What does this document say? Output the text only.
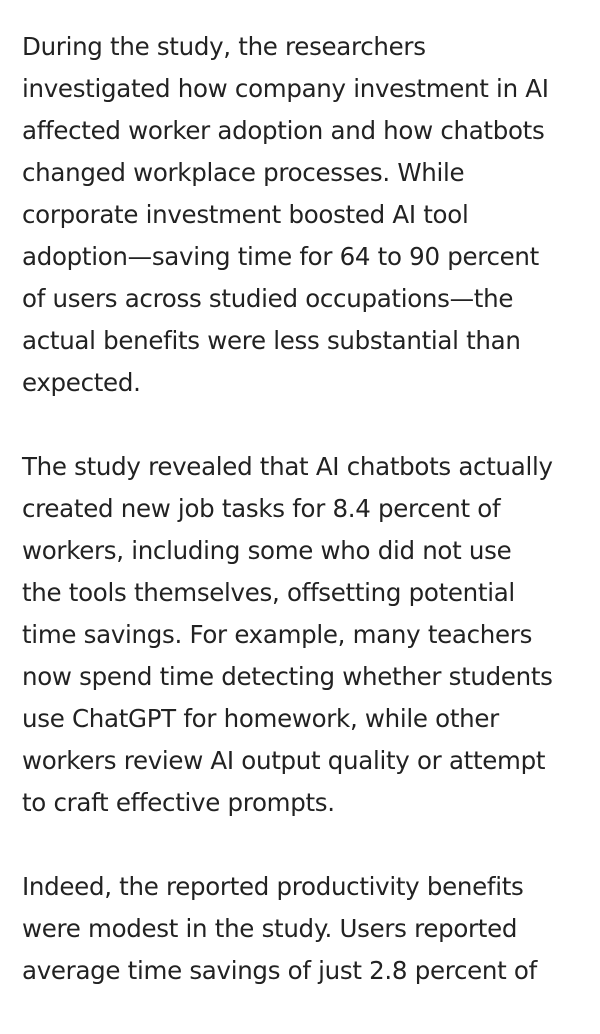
During the study, the researchers
investigated how company investment in AI
affected worker adoption and how chatbots
changed workplace processes. While
corporate investment boosted AI tool
adoption—saving time for 64 to 90 percent
of users across studied occupations—the
actual benefits were less substantial than
expected.

The study revealed that AI chatbots actually
created new job tasks for 8.4 percent of
workers, including some who did not use
the tools themselves, offsetting potential
time savings. For example, many teachers
now spend time detecting whether students
use ChatGPT for homework, while other
workers review AI output quality or attempt
to craft effective prompts.

Indeed, the reported productivity benefits
were modest in the study. Users reported
average time savings of just 2.8 percent of
